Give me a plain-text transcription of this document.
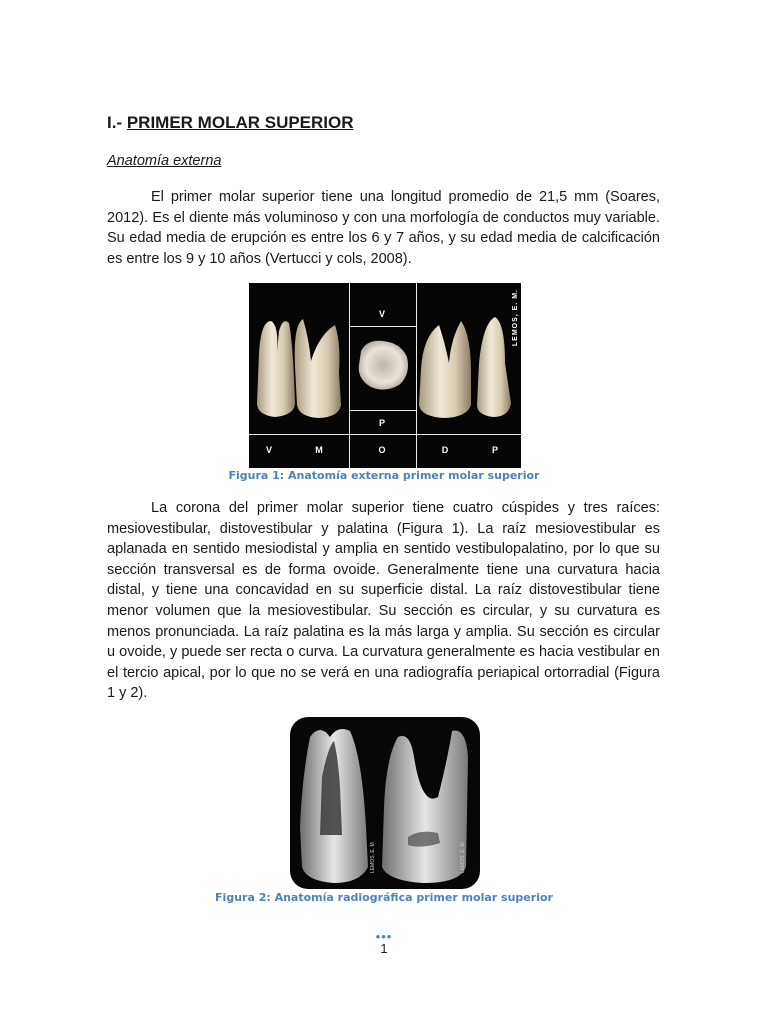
I.- PRIMER MOLAR SUPERIOR

Anatomía externa

El primer molar superior tiene una longitud promedio de 21,5 mm (Soares, 2012). Es el diente más voluminoso y con una morfología de conductos muy variable. Su edad media de erupción es entre los 6 y 7 años, y su edad media de calcificación es entre los 9 y 10 años (Vertucci y cols, 2008).

V
P
V	M	O	D	P
LEMOS, E. M.

Figura 1: Anatomía externa primer molar superior

La corona del primer molar superior tiene cuatro cúspides y tres raíces: mesiovestibular, distovestibular y palatina (Figura 1). La raíz mesiovestibular es aplanada en sentido mesiodistal y amplia en sentido vestibulopalatino, por lo que su sección transversal es de forma ovoide. Generalmente tiene una curvatura hacia distal, y tiene una concavidad en su superficie distal. La raíz distovestibular tiene menor volumen que la mesiovestibular. Su sección es circular, y su curvatura es menos pronunciada. La raíz palatina es la más larga y amplia. Su sección es circular u ovoide, y puede ser recta o curva. La curvatura generalmente es hacia vestibular en el tercio apical, por lo que no se verá en una radiografía periapical ortorradial (Figura 1 y 2).

LEMOS, E. M.	LEMOS, E. M.

Figura 2: Anatomía radiográfica primer molar superior

•••
1
